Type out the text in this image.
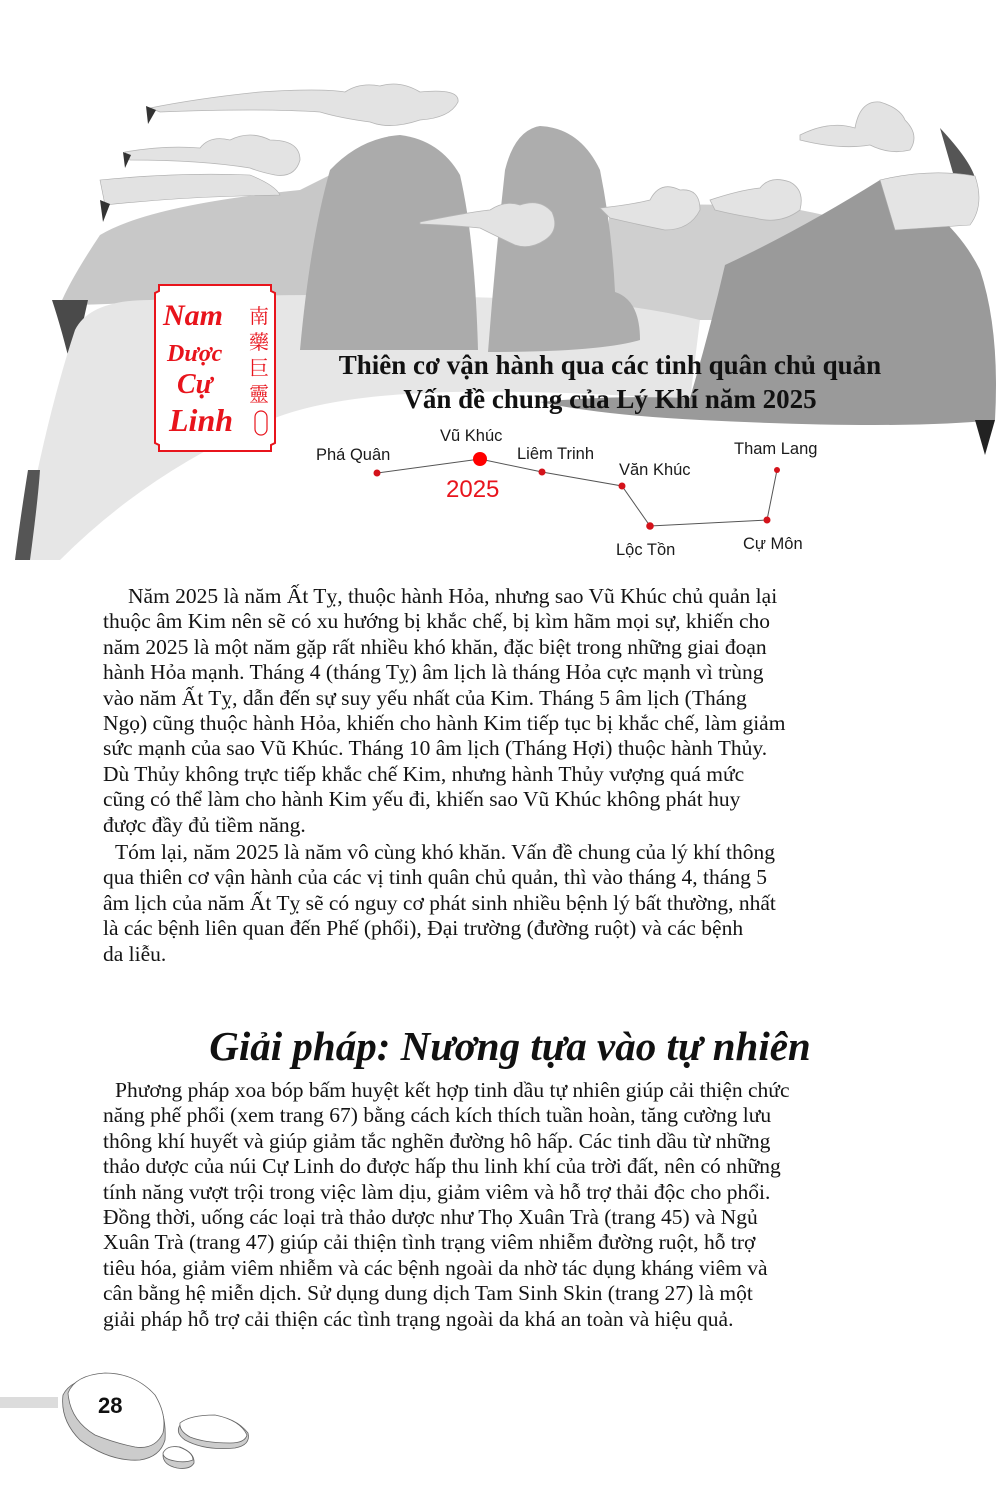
Nam
Dược
Cự
Linh
南
藥
巨
靈
Thiên cơ vận hành qua các tinh quân chủ quản
Vấn đề chung của Lý Khí năm 2025
Phá Quân
Vũ Khúc
Liêm Trinh
Văn Khúc
Lộc Tồn	Cự Môn
Tham Lang
2025
Năm 2025 là năm Ất Tỵ, thuộc hành Hỏa, nhưng sao Vũ Khúc chủ quản lại
thuộc âm Kim nên sẽ có xu hướng bị khắc chế, bị kìm hãm mọi sự, khiến cho
năm 2025 là một năm gặp rất nhiều khó khăn, đặc biệt trong những giai đoạn
hành Hỏa mạnh. Tháng 4 (tháng Tỵ) âm lịch là tháng Hỏa cực mạnh vì trùng
vào năm Ất Tỵ, dẫn đến sự suy yếu nhất của Kim. Tháng 5 âm lịch (Tháng
Ngọ) cũng thuộc hành Hỏa, khiến cho hành Kim tiếp tục bị khắc chế, làm giảm
sức mạnh của sao Vũ Khúc. Tháng 10 âm lịch (Tháng Hợi) thuộc hành Thủy.
Dù Thủy không trực tiếp khắc chế Kim, nhưng hành Thủy vượng quá mức
cũng có thể làm cho hành Kim yếu đi, khiến sao Vũ Khúc không phát huy
được đầy đủ tiềm năng.
Tóm lại, năm 2025 là năm vô cùng khó khăn. Vấn đề chung của lý khí thông
qua thiên cơ vận hành của các vị tinh quân chủ quản, thì vào tháng 4, tháng 5
âm lịch của năm Ất Tỵ sẽ có nguy cơ phát sinh nhiều bệnh lý bất thường, nhất
là các bệnh liên quan đến Phế (phổi), Đại trường (đường ruột) và các bệnh
da liễu.
Giải pháp: Nương tựa vào tự nhiên
Phương pháp xoa bóp bấm huyệt kết hợp tinh dầu tự nhiên giúp cải thiện chức
năng phế phổi (xem trang 67) bằng cách kích thích tuần hoàn, tăng cường lưu
thông khí huyết và giúp giảm tắc nghẽn đường hô hấp. Các tinh dầu từ những
thảo dược của núi Cự Linh do được hấp thu linh khí của trời đất, nên có những
tính năng vượt trội trong việc làm dịu, giảm viêm và hỗ trợ thải độc cho phổi.
Đồng thời, uống các loại trà thảo dược như Thọ Xuân Trà (trang 45) và Ngủ
Xuân Trà (trang 47) giúp cải thiện tình trạng viêm nhiễm đường ruột, hỗ trợ
tiêu hóa, giảm viêm nhiễm và các bệnh ngoài da nhờ tác dụng kháng viêm và
cân bằng hệ miễn dịch. Sử dụng dung dịch Tam Sinh Skin (trang 27) là một
giải pháp hỗ trợ cải thiện các tình trạng ngoài da khá an toàn và hiệu quả.
28
